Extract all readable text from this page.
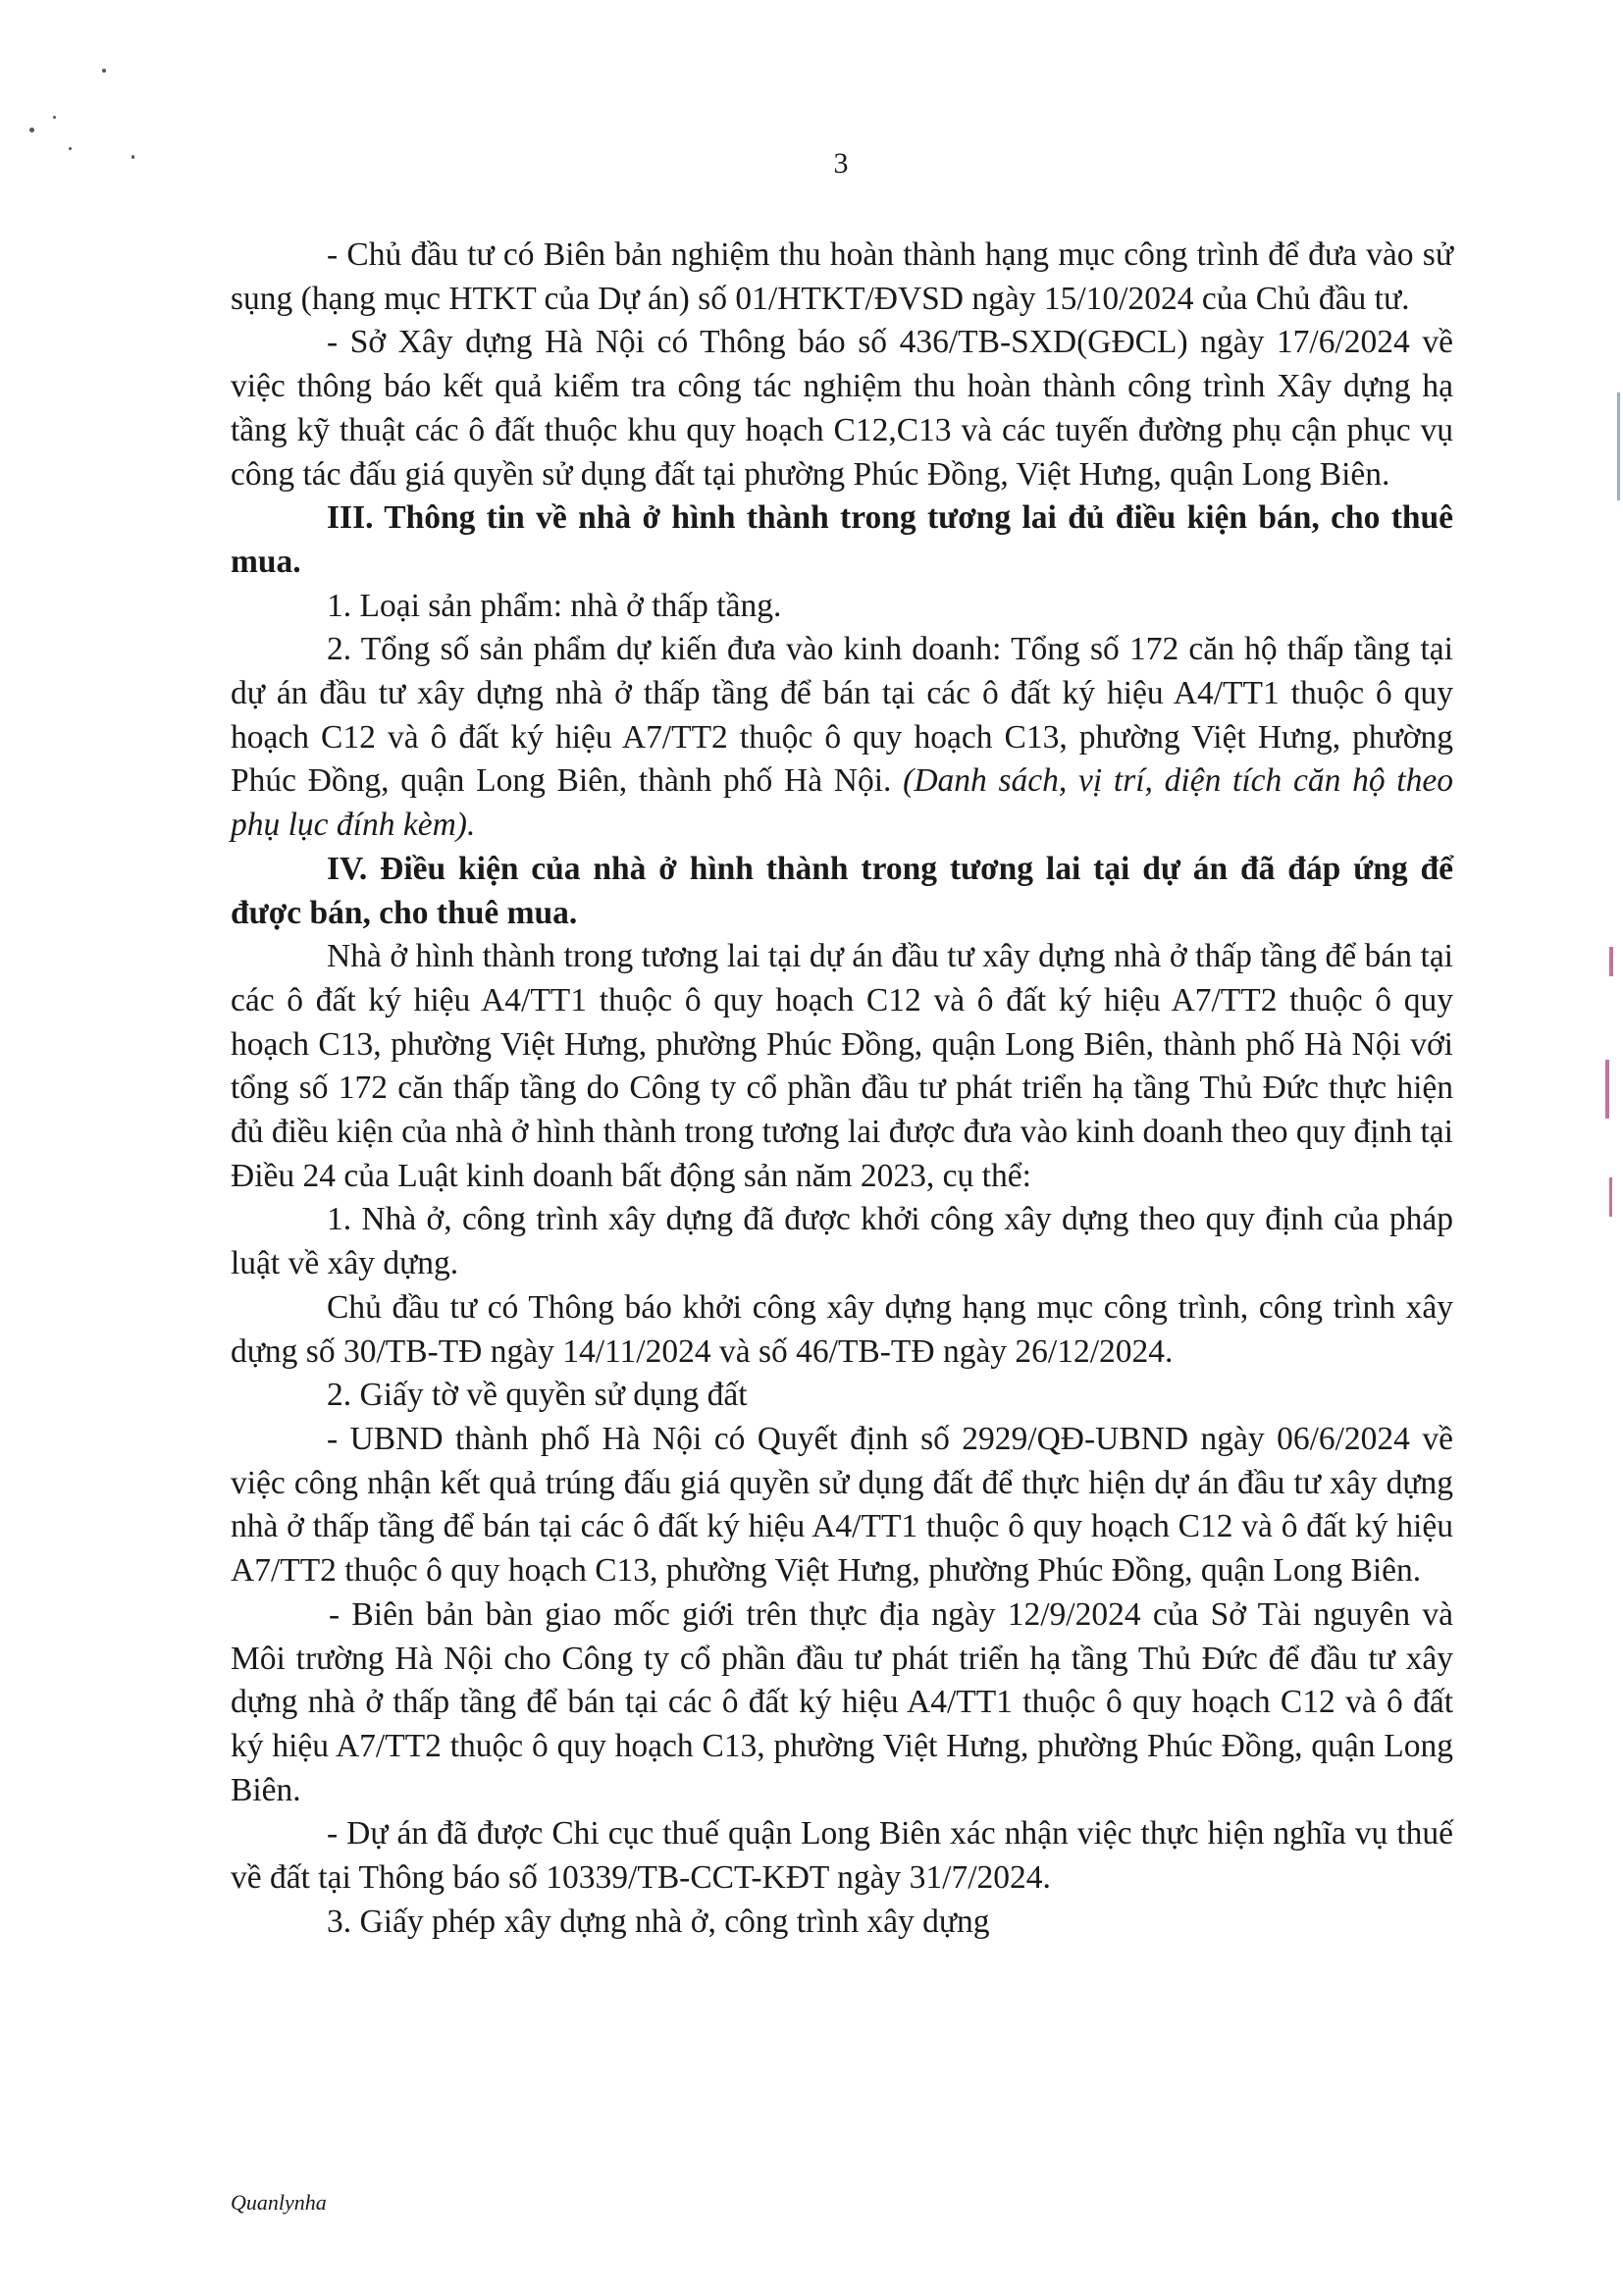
3

- Chủ đầu tư có Biên bản nghiệm thu hoàn thành hạng mục công trình để đưa vào sử sụng (hạng mục HTKT của Dự án) số 01/HTKT/ĐVSD ngày 15/10/2024 của Chủ đầu tư.

- Sở Xây dựng Hà Nội có Thông báo số 436/TB-SXD(GĐCL) ngày 17/6/2024 về việc thông báo kết quả kiểm tra công tác nghiệm thu hoàn thành công trình Xây dựng hạ tầng kỹ thuật các ô đất thuộc khu quy hoạch C12,C13 và các tuyến đường phụ cận phục vụ công tác đấu giá quyền sử dụng đất tại phường Phúc Đồng, Việt Hưng, quận Long Biên.

III. Thông tin về nhà ở hình thành trong tương lai đủ điều kiện bán, cho thuê mua.

1. Loại sản phẩm: nhà ở thấp tầng.

2. Tổng số sản phẩm dự kiến đưa vào kinh doanh: Tổng số 172 căn hộ thấp tầng tại dự án đầu tư xây dựng nhà ở thấp tầng để bán tại các ô đất ký hiệu A4/TT1 thuộc ô quy hoạch C12 và ô đất ký hiệu A7/TT2 thuộc ô quy hoạch C13, phường Việt Hưng, phường Phúc Đồng, quận Long Biên, thành phố Hà Nội. (Danh sách, vị trí, diện tích căn hộ theo phụ lục đính kèm).

IV. Điều kiện của nhà ở hình thành trong tương lai tại dự án đã đáp ứng để được bán, cho thuê mua.

Nhà ở hình thành trong tương lai tại dự án đầu tư xây dựng nhà ở thấp tầng để bán tại các ô đất ký hiệu A4/TT1 thuộc ô quy hoạch C12 và ô đất ký hiệu A7/TT2 thuộc ô quy hoạch C13, phường Việt Hưng, phường Phúc Đồng, quận Long Biên, thành phố Hà Nội với tổng số 172 căn thấp tầng do Công ty cổ phần đầu tư phát triển hạ tầng Thủ Đức thực hiện đủ điều kiện của nhà ở hình thành trong tương lai được đưa vào kinh doanh theo quy định tại Điều 24 của Luật kinh doanh bất động sản năm 2023, cụ thể:

1. Nhà ở, công trình xây dựng đã được khởi công xây dựng theo quy định của pháp luật về xây dựng.

Chủ đầu tư có Thông báo khởi công xây dựng hạng mục công trình, công trình xây dựng số 30/TB-TĐ ngày 14/11/2024 và số 46/TB-TĐ ngày 26/12/2024.

2. Giấy tờ về quyền sử dụng đất

- UBND thành phố Hà Nội có Quyết định số 2929/QĐ-UBND ngày 06/6/2024 về việc công nhận kết quả trúng đấu giá quyền sử dụng đất để thực hiện dự án đầu tư xây dựng nhà ở thấp tầng để bán tại các ô đất ký hiệu A4/TT1 thuộc ô quy hoạch C12 và ô đất ký hiệu A7/TT2 thuộc ô quy hoạch C13, phường Việt Hưng, phường Phúc Đồng, quận Long Biên.

- Biên bản bàn giao mốc giới trên thực địa ngày 12/9/2024 của Sở Tài nguyên và Môi trường Hà Nội cho Công ty cổ phần đầu tư phát triển hạ tầng Thủ Đức để đầu tư xây dựng nhà ở thấp tầng để bán tại các ô đất ký hiệu A4/TT1 thuộc ô quy hoạch C12 và ô đất ký hiệu A7/TT2 thuộc ô quy hoạch C13, phường Việt Hưng, phường Phúc Đồng, quận Long Biên.

- Dự án đã được Chi cục thuế quận Long Biên xác nhận việc thực hiện nghĩa vụ thuế về đất tại Thông báo số 10339/TB-CCT-KĐT ngày 31/7/2024.

3. Giấy phép xây dựng nhà ở, công trình xây dựng

Quanlynha
